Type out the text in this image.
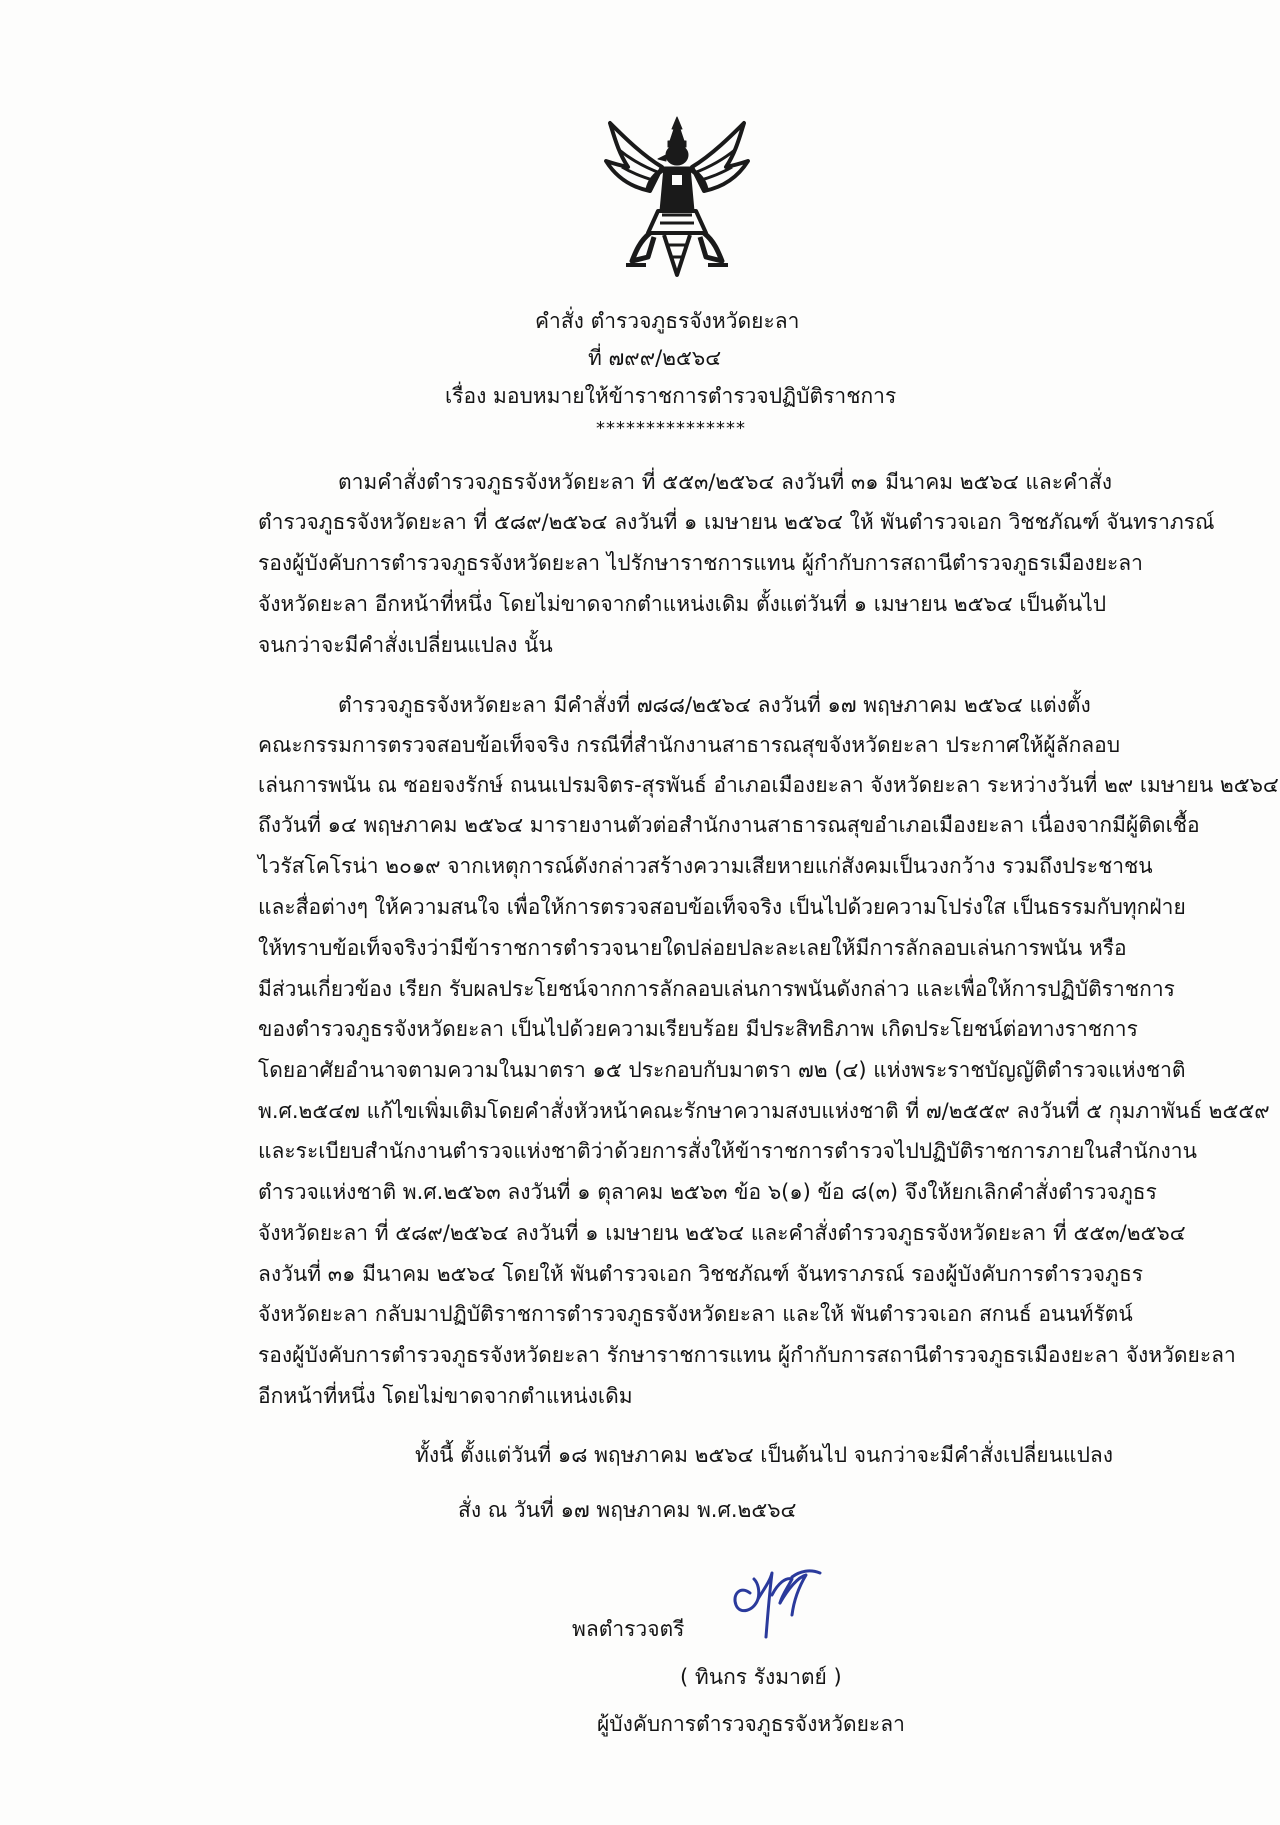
คำสั่ง ตำรวจภูธรจังหวัดยะลา
ที่ ๗๙๙/๒๕๖๔
เรื่อง มอบหมายให้ข้าราชการตำรวจปฏิบัติราชการ
***************
ตามคำสั่งตำรวจภูธรจังหวัดยะลา ที่ ๕๕๓/๒๕๖๔ ลงวันที่ ๓๑ มีนาคม ๒๕๖๔ และคำสั่ง
ตำรวจภูธรจังหวัดยะลา ที่ ๕๘๙/๒๕๖๔ ลงวันที่ ๑ เมษายน ๒๕๖๔ ให้ พันตำรวจเอก วิชชภัณฑ์ จันทราภรณ์
รองผู้บังคับการตำรวจภูธรจังหวัดยะลา ไปรักษาราชการแทน ผู้กำกับการสถานีตำรวจภูธรเมืองยะลา
จังหวัดยะลา อีกหน้าที่หนึ่ง โดยไม่ขาดจากตำแหน่งเดิม ตั้งแต่วันที่ ๑ เมษายน ๒๕๖๔ เป็นต้นไป
จนกว่าจะมีคำสั่งเปลี่ยนแปลง นั้น
ตำรวจภูธรจังหวัดยะลา มีคำสั่งที่ ๗๘๘/๒๕๖๔ ลงวันที่ ๑๗ พฤษภาคม ๒๕๖๔ แต่งตั้ง
คณะกรรมการตรวจสอบข้อเท็จจริง กรณีที่สำนักงานสาธารณสุขจังหวัดยะลา ประกาศให้ผู้ลักลอบ
เล่นการพนัน ณ ซอยจงรักษ์ ถนนเปรมจิตร-สุรพันธ์ อำเภอเมืองยะลา จังหวัดยะลา ระหว่างวันที่ ๒๙ เมษายน ๒๕๖๔
ถึงวันที่ ๑๔ พฤษภาคม ๒๕๖๔ มารายงานตัวต่อสำนักงานสาธารณสุขอำเภอเมืองยะลา เนื่องจากมีผู้ติดเชื้อ
ไวรัสโคโรน่า ๒๐๑๙ จากเหตุการณ์ดังกล่าวสร้างความเสียหายแก่สังคมเป็นวงกว้าง รวมถึงประชาชน
และสื่อต่างๆ ให้ความสนใจ เพื่อให้การตรวจสอบข้อเท็จจริง เป็นไปด้วยความโปร่งใส เป็นธรรมกับทุกฝ่าย
ให้ทราบข้อเท็จจริงว่ามีข้าราชการตำรวจนายใดปล่อยปละละเลยให้มีการลักลอบเล่นการพนัน หรือ
มีส่วนเกี่ยวข้อง เรียก รับผลประโยชน์จากการลักลอบเล่นการพนันดังกล่าว และเพื่อให้การปฏิบัติราชการ
ของตำรวจภูธรจังหวัดยะลา เป็นไปด้วยความเรียบร้อย มีประสิทธิภาพ เกิดประโยชน์ต่อทางราชการ
โดยอาศัยอำนาจตามความในมาตรา ๑๕ ประกอบกับมาตรา ๗๒ (๔) แห่งพระราชบัญญัติตำรวจแห่งชาติ
พ.ศ.๒๕๔๗ แก้ไขเพิ่มเติมโดยคำสั่งหัวหน้าคณะรักษาความสงบแห่งชาติ ที่ ๗/๒๕๕๙ ลงวันที่ ๕ กุมภาพันธ์ ๒๕๕๙
และระเบียบสำนักงานตำรวจแห่งชาติว่าด้วยการสั่งให้ข้าราชการตำรวจไปปฏิบัติราชการภายในสำนักงาน
ตำรวจแห่งชาติ พ.ศ.๒๕๖๓ ลงวันที่ ๑ ตุลาคม ๒๕๖๓ ข้อ ๖(๑) ข้อ ๘(๓) จึงให้ยกเลิกคำสั่งตำรวจภูธร
จังหวัดยะลา ที่ ๕๘๙/๒๕๖๔ ลงวันที่ ๑ เมษายน ๒๕๖๔ และคำสั่งตำรวจภูธรจังหวัดยะลา ที่ ๕๕๓/๒๕๖๔
ลงวันที่ ๓๑ มีนาคม ๒๕๖๔ โดยให้ พันตำรวจเอก วิชชภัณฑ์ จันทราภรณ์ รองผู้บังคับการตำรวจภูธร
จังหวัดยะลา กลับมาปฏิบัติราชการตำรวจภูธรจังหวัดยะลา และให้ พันตำรวจเอก สกนธ์ อนนท์รัตน์
รองผู้บังคับการตำรวจภูธรจังหวัดยะลา รักษาราชการแทน ผู้กำกับการสถานีตำรวจภูธรเมืองยะลา จังหวัดยะลา
อีกหน้าที่หนึ่ง โดยไม่ขาดจากตำแหน่งเดิม
ทั้งนี้ ตั้งแต่วันที่ ๑๘ พฤษภาคม ๒๕๖๔ เป็นต้นไป จนกว่าจะมีคำสั่งเปลี่ยนแปลง
สั่ง ณ วันที่ ๑๗ พฤษภาคม พ.ศ.๒๕๖๔
พลตำรวจตรี
( ทินกร รังมาตย์ )
ผู้บังคับการตำรวจภูธรจังหวัดยะลา
